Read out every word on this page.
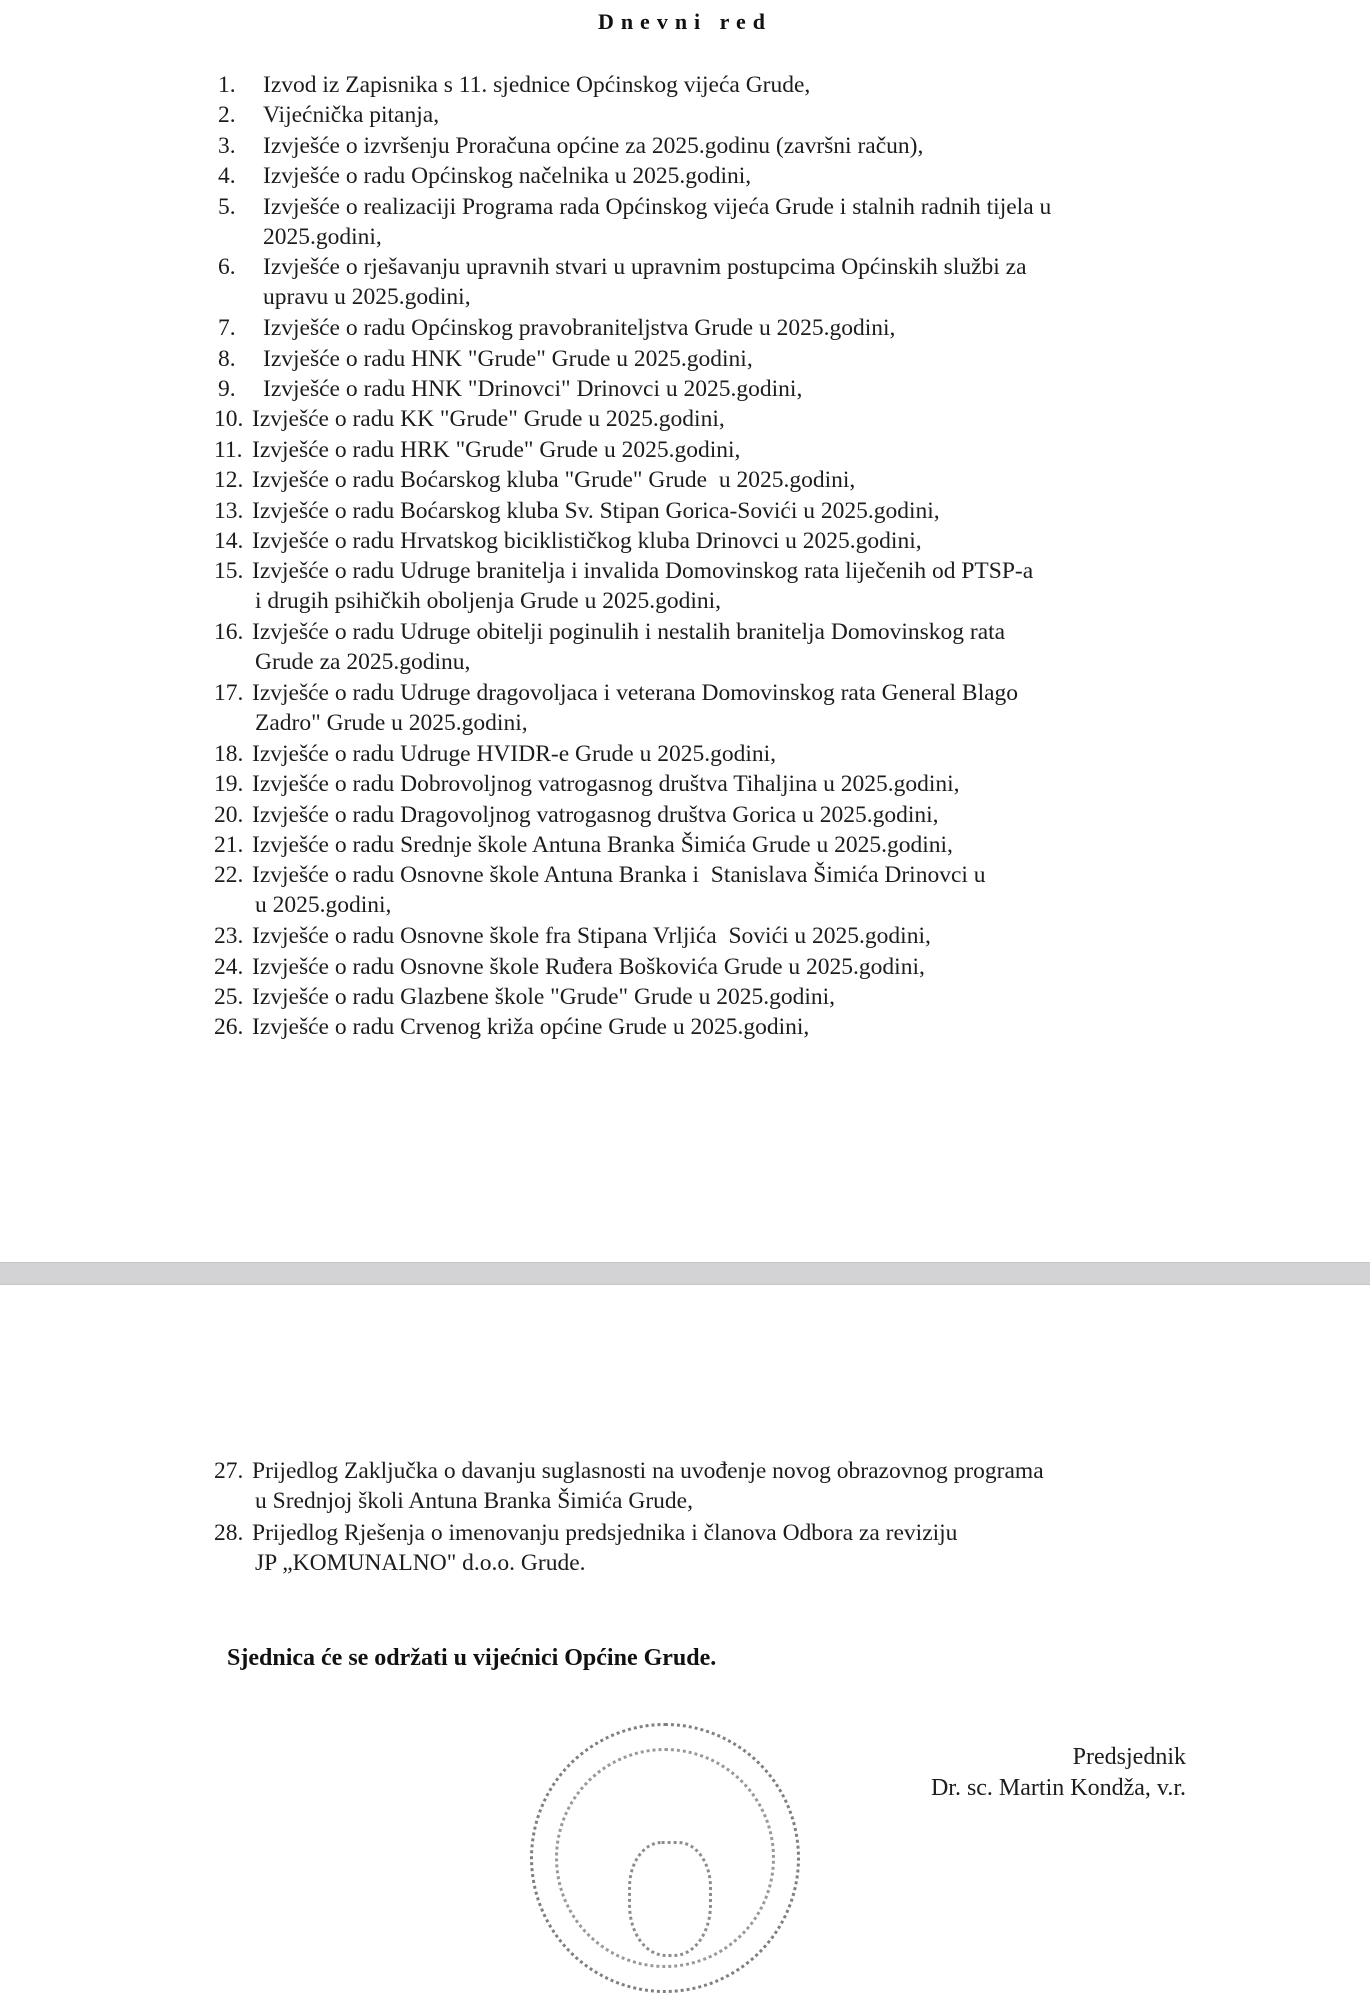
Dnevni red
1.	Izvod iz Zapisnika s 11. sjednice Općinskog vijeća Grude,
2.	Vijećnička pitanja,
3.	Izvješće o izvršenju Proračuna općine za 2025.godinu (završni račun),
4.	Izvješće o radu Općinskog načelnika u 2025.godini,
5.	Izvješće o realizaciji Programa rada Općinskog vijeća Grude i stalnih radnih tijela u
2025.godini,
6.	Izvješće o rješavanju upravnih stvari u upravnim postupcima Općinskih službi za
upravu u 2025.godini,
7.	Izvješće o radu Općinskog pravobraniteljstva Grude u 2025.godini,
8.	Izvješće o radu HNK "Grude" Grude u 2025.godini,
9.	Izvješće o radu HNK "Drinovci" Drinovci u 2025.godini,
10. Izvješće o radu KK "Grude" Grude u 2025.godini,
11. Izvješće o radu HRK "Grude" Grude u 2025.godini,
12. Izvješće o radu Boćarskog kluba "Grude" Grude  u 2025.godini,
13. Izvješće o radu Boćarskog kluba Sv. Stipan Gorica-Sovići u 2025.godini,
14. Izvješće o radu Hrvatskog biciklističkog kluba Drinovci u 2025.godini,
15. Izvješće o radu Udruge branitelja i invalida Domovinskog rata liječenih od PTSP-a
i drugih psihičkih oboljenja Grude u 2025.godini,
16. Izvješće o radu Udruge obitelji poginulih i nestalih branitelja Domovinskog rata
Grude za 2025.godinu,
17. Izvješće o radu Udruge dragovoljaca i veterana Domovinskog rata General Blago
Zadro" Grude u 2025.godini,
18. Izvješće o radu Udruge HVIDR-e Grude u 2025.godini,
19. Izvješće o radu Dobrovoljnog vatrogasnog društva Tihaljina u 2025.godini,
20. Izvješće o radu Dragovoljnog vatrogasnog društva Gorica u 2025.godini,
21. Izvješće o radu Srednje škole Antuna Branka Šimića Grude u 2025.godini,
22. Izvješće o radu Osnovne škole Antuna Branka i  Stanislava Šimića Drinovci u
u 2025.godini,
23. Izvješće o radu Osnovne škole fra Stipana Vrljića  Sovići u 2025.godini,
24. Izvješće o radu Osnovne škole Ruđera Boškovića Grude u 2025.godini,
25. Izvješće o radu Glazbene škole "Grude" Grude u 2025.godini,
26. Izvješće o radu Crvenog križa općine Grude u 2025.godini,
27. Prijedlog Zaključka o davanju suglasnosti na uvođenje novog obrazovnog programa
u Srednjoj školi Antuna Branka Šimića Grude,
28. Prijedlog Rješenja o imenovanju predsjednika i članova Odbora za reviziju
JP „KOMUNALNO" d.o.o. Grude.
Sjednica će se održati u vijećnici Općine Grude.
Predsjednik
Dr. sc. Martin Kondža, v.r.
